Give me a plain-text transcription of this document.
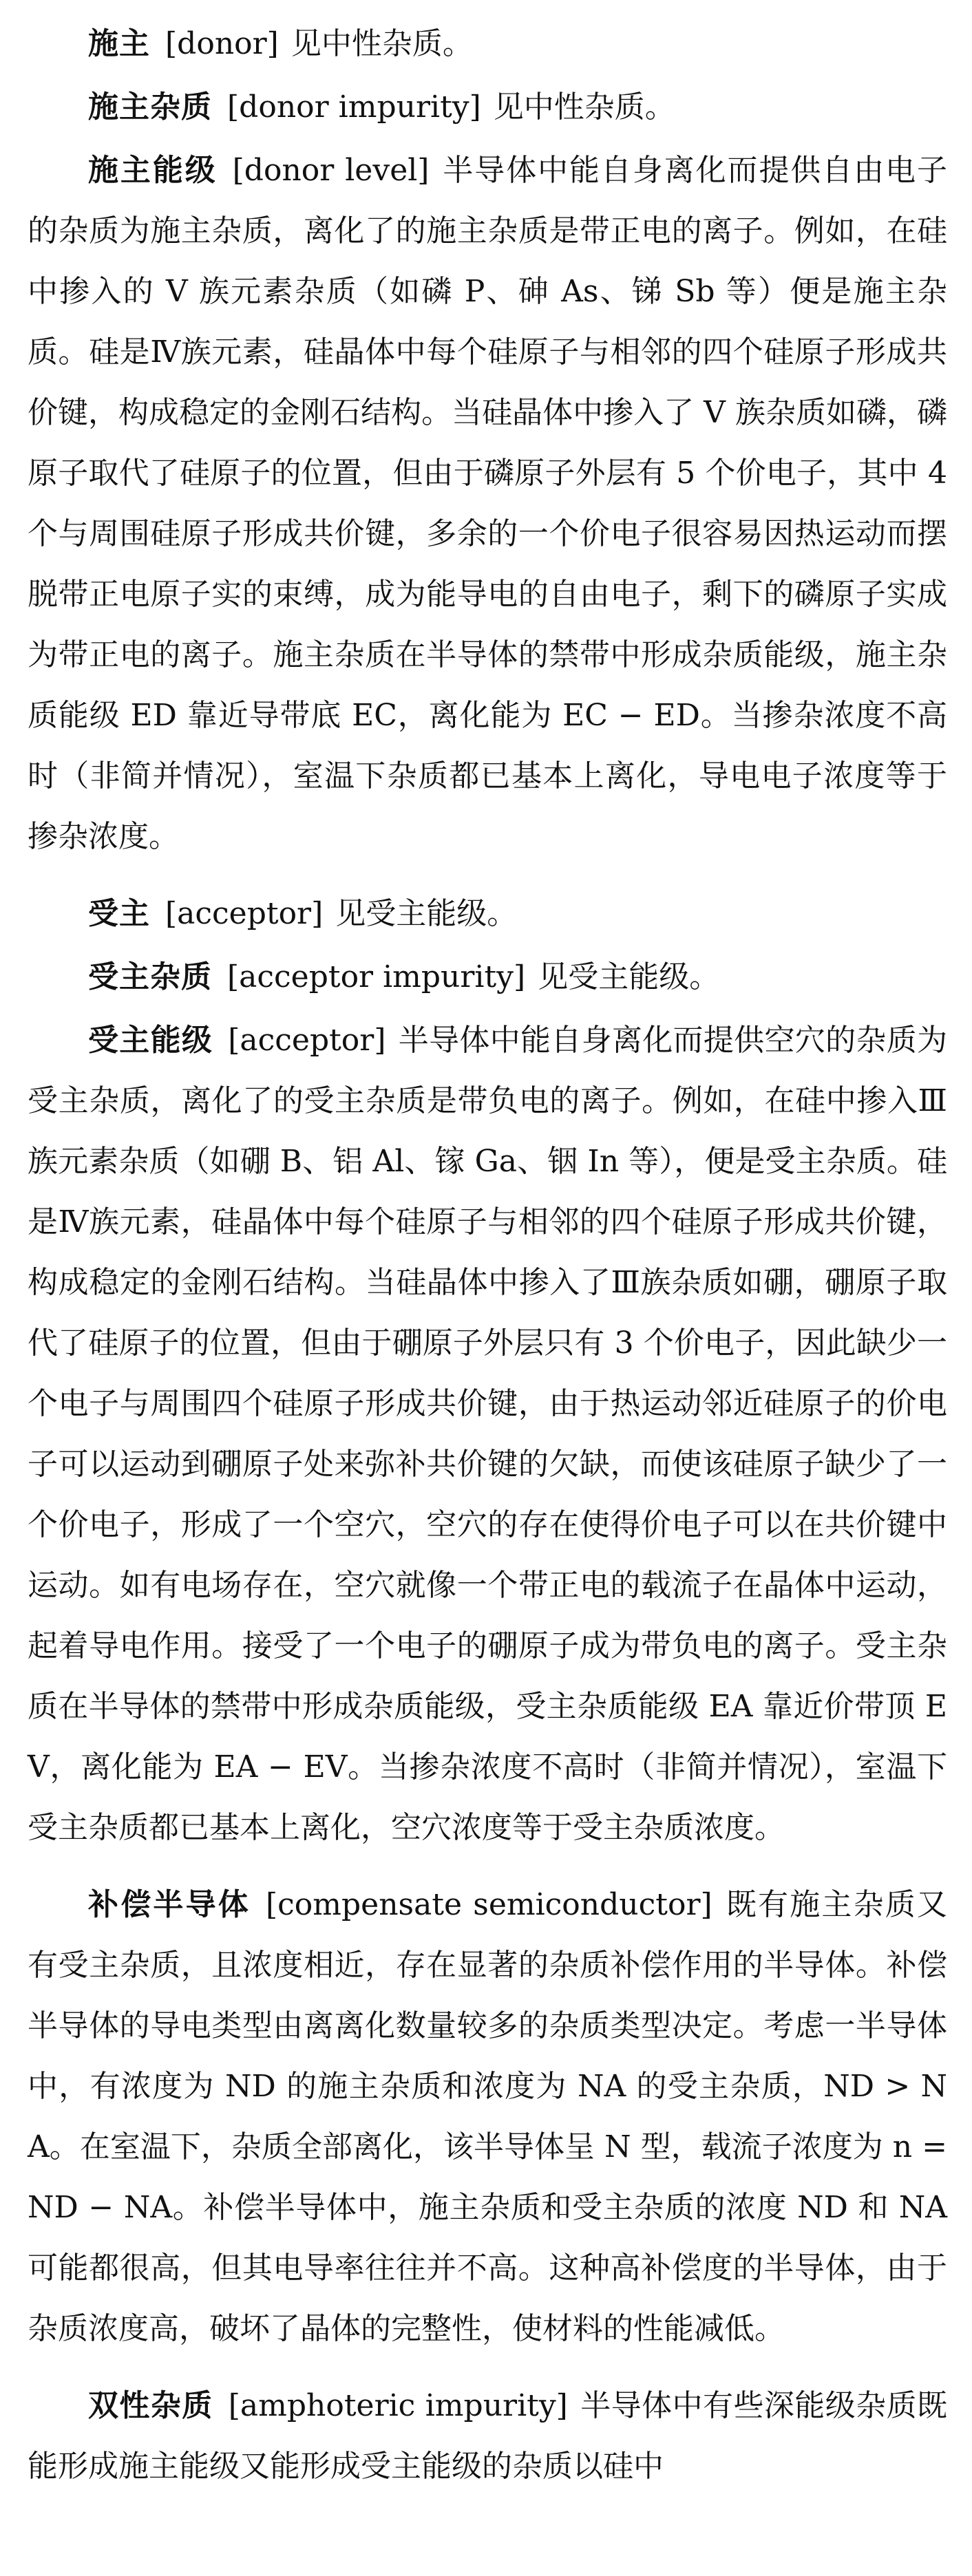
施主 [donor] 见中性杂质。

施主杂质 [donor impurity] 见中性杂质。

施主能级 [donor level] 半导体中能自身离化而提供自由电子的杂质为施主杂质，离化了的施主杂质是带正电的离子。例如，在硅中掺入的 V 族元素杂质（如磷 P、砷 As、锑 Sb 等）便是施主杂质。硅是Ⅳ族元素，硅晶体中每个硅原子与相邻的四个硅原子形成共价键，构成稳定的金刚石结构。当硅晶体中掺入了 V 族杂质如磷，磷原子取代了硅原子的位置，但由于磷原子外层有 5 个价电子，其中 4 个与周围硅原子形成共价键，多余的一个价电子很容易因热运动而摆脱带正电原子实的束缚，成为能导电的自由电子，剩下的磷原子实成为带正电的离子。施主杂质在半导体的禁带中形成杂质能级，施主杂质能级 ED 靠近导带底 EC，离化能为 EC − ED。当掺杂浓度不高时（非简并情况），室温下杂质都已基本上离化，导电电子浓度等于掺杂浓度。

受主 [acceptor] 见受主能级。

受主杂质 [acceptor impurity] 见受主能级。

受主能级 [acceptor] 半导体中能自身离化而提供空穴的杂质为受主杂质，离化了的受主杂质是带负电的离子。例如，在硅中掺入Ⅲ族元素杂质（如硼 B、铝 Al、镓 Ga、铟 In 等），便是受主杂质。硅是Ⅳ族元素，硅晶体中每个硅原子与相邻的四个硅原子形成共价键，构成稳定的金刚石结构。当硅晶体中掺入了Ⅲ族杂质如硼，硼原子取代了硅原子的位置，但由于硼原子外层只有 3 个价电子，因此缺少一个电子与周围四个硅原子形成共价键，由于热运动邻近硅原子的价电子可以运动到硼原子处来弥补共价键的欠缺，而使该硅原子缺少了一个价电子，形成了一个空穴，空穴的存在使得价电子可以在共价键中运动。如有电场存在，空穴就像一个带正电的载流子在晶体中运动，起着导电作用。接受了一个电子的硼原子成为带负电的离子。受主杂质在半导体的禁带中形成杂质能级，受主杂质能级 EA 靠近价带顶 EV，离化能为 EA − EV。当掺杂浓度不高时（非简并情况），室温下受主杂质都已基本上离化，空穴浓度等于受主杂质浓度。

补偿半导体 [compensate semiconductor] 既有施主杂质又有受主杂质，且浓度相近，存在显著的杂质补偿作用的半导体。补偿半导体的导电类型由离离化数量较多的杂质类型决定。考虑一半导体中，有浓度为 ND 的施主杂质和浓度为 NA 的受主杂质，ND > NA。在室温下，杂质全部离化，该半导体呈 N 型，载流子浓度为 n = ND − NA。补偿半导体中，施主杂质和受主杂质的浓度 ND 和 NA 可能都很高，但其电导率往往并不高。这种高补偿度的半导体，由于杂质浓度高，破坏了晶体的完整性，使材料的性能减低。

双性杂质 [amphoteric impurity] 半导体中有些深能级杂质既能形成施主能级又能形成受主能级的杂质以硅中
